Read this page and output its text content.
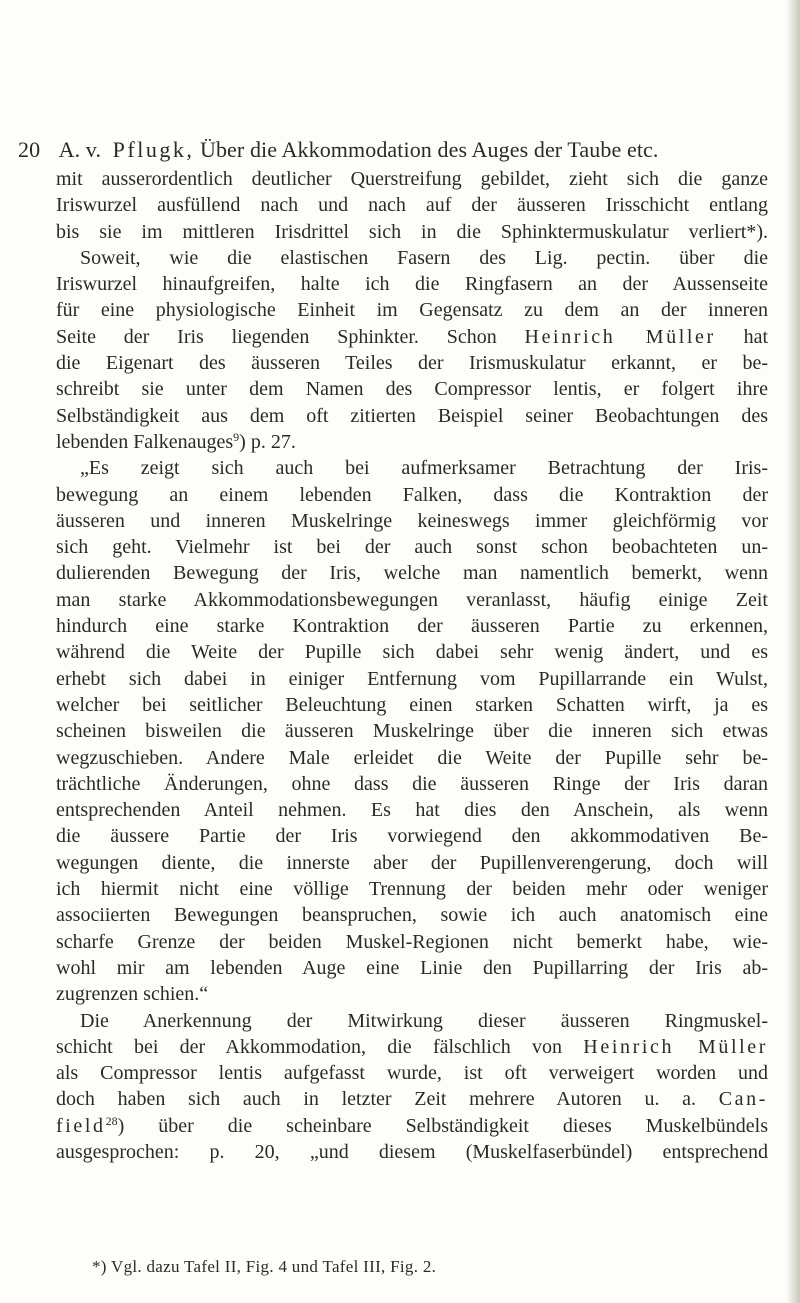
20 A. v. Pflugk, Über die Akkommodation des Auges der Taube etc.
mit ausserordentlich deutlicher Querstreifung gebildet, zieht sich die ganze
Iriswurzel ausfüllend nach und nach auf der äusseren Irisschicht entlang
bis sie im mittleren Irisdrittel sich in die Sphinktermuskulatur verliert*).
Soweit, wie die elastischen Fasern des Lig. pectin. über die
Iriswurzel hinaufgreifen, halte ich die Ringfasern an der Aussenseite
für eine physiologische Einheit im Gegensatz zu dem an der inneren
Seite der Iris liegenden Sphinkter. Schon Heinrich Müller hat
die Eigenart des äusseren Teiles der Irismuskulatur erkannt, er be-
schreibt sie unter dem Namen des Compressor lentis, er folgert ihre
Selbständigkeit aus dem oft zitierten Beispiel seiner Beobachtungen des
lebenden Falkenauges$^9$) p. 27.
„Es zeigt sich auch bei aufmerksamer Betrachtung der Iris-
bewegung an einem lebenden Falken, dass die Kontraktion der
äusseren und inneren Muskelringe keineswegs immer gleichförmig vor
sich geht. Vielmehr ist bei der auch sonst schon beobachteten un-
dulierenden Bewegung der Iris, welche man namentlich bemerkt, wenn
man starke Akkommodationsbewegungen veranlasst, häufig einige Zeit
hindurch eine starke Kontraktion der äusseren Partie zu erkennen,
während die Weite der Pupille sich dabei sehr wenig ändert, und es
erhebt sich dabei in einiger Entfernung vom Pupillarrande ein Wulst,
welcher bei seitlicher Beleuchtung einen starken Schatten wirft, ja es
scheinen bisweilen die äusseren Muskelringe über die inneren sich etwas
wegzuschieben. Andere Male erleidet die Weite der Pupille sehr be-
trächtliche Änderungen, ohne dass die äusseren Ringe der Iris daran
entsprechenden Anteil nehmen. Es hat dies den Anschein, als wenn
die äussere Partie der Iris vorwiegend den akkommodativen Be-
wegungen diente, die innerste aber der Pupillenverengerung, doch will
ich hiermit nicht eine völlige Trennung der beiden mehr oder weniger
associierten Bewegungen beanspruchen, sowie ich auch anatomisch eine
scharfe Grenze der beiden Muskel-Regionen nicht bemerkt habe, wie-
wohl mir am lebenden Auge eine Linie den Pupillarring der Iris ab-
zugrenzen schien.“
Die Anerkennung der Mitwirkung dieser äusseren Ringmuskel-
schicht bei der Akkommodation, die fälschlich von Heinrich Müller
als Compressor lentis aufgefasst wurde, ist oft verweigert worden und
doch haben sich auch in letzter Zeit mehrere Autoren u. a. Can-
field$^{28}$) über die scheinbare Selbständigkeit dieses Muskelbündels
ausgesprochen: p. 20, „und diesem (Muskelfaserbündel) entsprechend
*) Vgl. dazu Tafel II, Fig. 4 und Tafel III, Fig. 2.
